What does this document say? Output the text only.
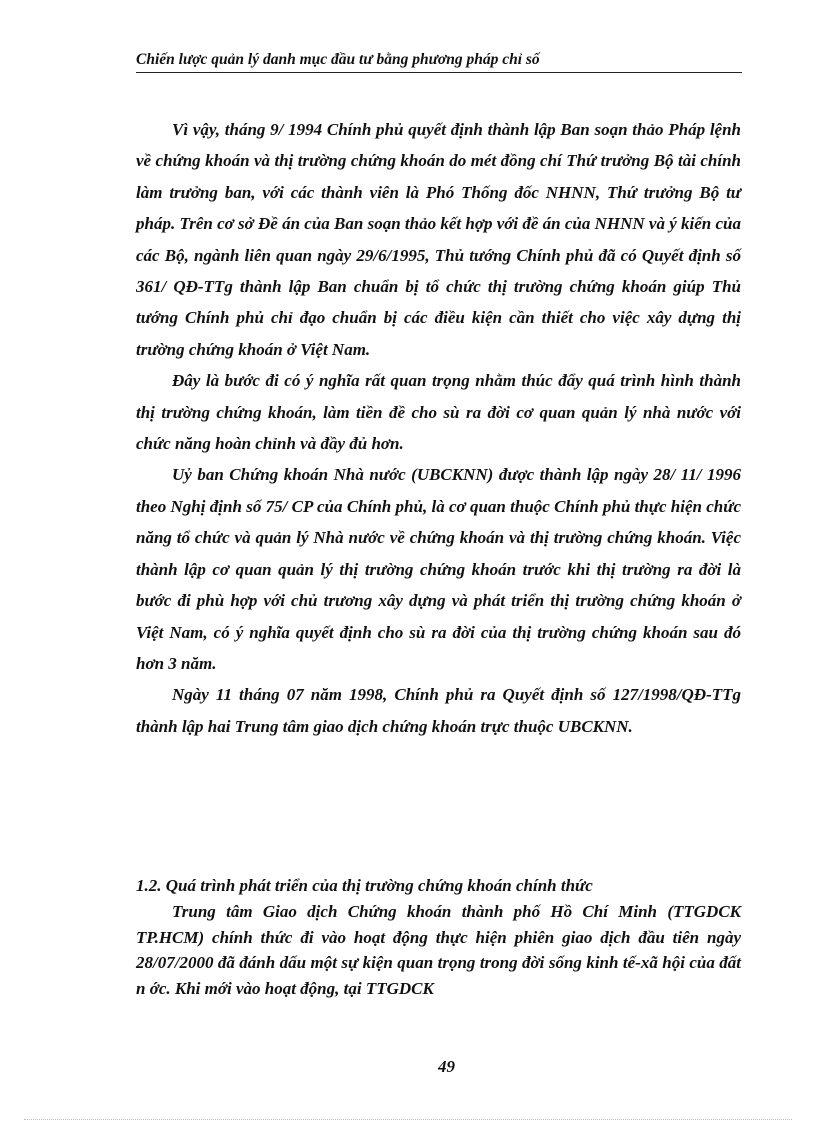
Chiến lược quản lý danh mục đầu tư bằng phương pháp chỉ số

Vì vậy, tháng 9/ 1994 Chính phủ quyết định thành lập Ban soạn thảo Pháp lệnh về chứng khoán và thị trường chứng khoán do mét đồng chí Thứ trưởng Bộ tài chính làm trưởng ban, với các thành viên là Phó Thống đốc NHNN, Thứ trưởng Bộ tư pháp. Trên cơ sở Đề án của Ban soạn thảo kết hợp với đề án của NHNN và ý kiến của các Bộ, ngành liên quan ngày 29/6/1995, Thủ tướng Chính phủ đã có Quyết định số 361/ QĐ-TTg thành lập Ban chuẩn bị tổ chức thị trường chứng khoán giúp Thủ tướng Chính phủ chỉ đạo chuẩn bị các điều kiện cần thiết cho việc xây dựng thị trường chứng khoán ở Việt Nam.

Đây là bước đi có ý nghĩa rất quan trọng nhằm thúc đẩy quá trình hình thành thị trường chứng khoán, làm tiền đề cho sù ra đời cơ quan quản lý nhà nước với chức năng hoàn chỉnh và đầy đủ hơn.

Uỷ ban Chứng khoán Nhà nước (UBCKNN) được thành lập ngày 28/ 11/ 1996 theo Nghị định số 75/ CP của Chính phủ, là cơ quan thuộc Chính phủ thực hiện chức năng tổ chức và quản lý Nhà nước về chứng khoán và thị trường chứng khoán. Việc thành lập cơ quan quản lý thị trường chứng khoán trước khi thị trường ra đời là bước đi phù hợp với chủ trương xây dựng và phát triển thị trường chứng khoán ở Việt Nam, có ý nghĩa quyết định cho sù ra đời của thị trường chứng khoán sau đó hơn 3 năm.

Ngày 11 tháng 07 năm 1998, Chính phủ ra Quyết định số 127/1998/QĐ-TTg thành lập hai Trung tâm giao dịch chứng khoán trực thuộc UBCKNN.

1.2. Quá trình phát triển của thị trường chứng khoán chính thức

Trung tâm Giao dịch Chứng khoán thành phố Hồ Chí Minh (TTGDCK TP.HCM) chính thức đi vào hoạt động thực hiện phiên giao dịch đầu tiên ngày 28/07/2000 đã đánh dấu một sự kiện quan trọng trong đời sống kinh tế-xã hội của đất n ớc. Khi mới vào hoạt động, tại TTGDCK

49
